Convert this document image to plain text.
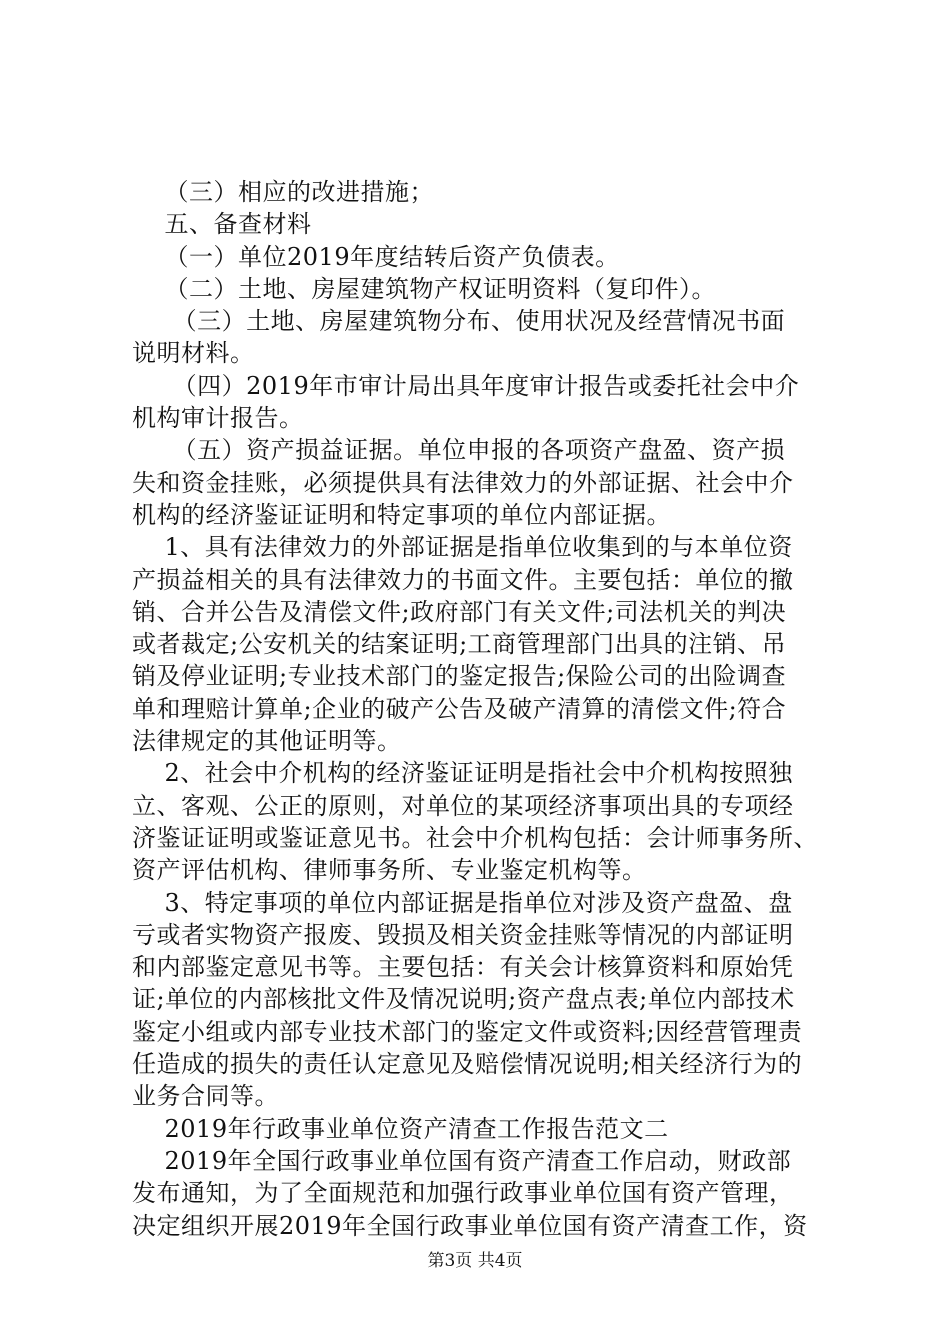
（三）相应的改进措施；
五、备查材料
（一）单位2019年度结转后资产负债表。
（二）土地、房屋建筑物产权证明资料（复印件）。
（三）土地、房屋建筑物分布、使用状况及经营情况书面
说明材料。
（四）2019年市审计局出具年度审计报告或委托社会中介
机构审计报告。
（五）资产损益证据。单位申报的各项资产盘盈、资产损
失和资金挂账，必须提供具有法律效力的外部证据、社会中介
机构的经济鉴证证明和特定事项的单位内部证据。
1、具有法律效力的外部证据是指单位收集到的与本单位资
产损益相关的具有法律效力的书面文件。主要包括：单位的撤
销、合并公告及清偿文件;政府部门有关文件;司法机关的判决
或者裁定;公安机关的结案证明;工商管理部门出具的注销、吊
销及停业证明;专业技术部门的鉴定报告;保险公司的出险调查
单和理赔计算单;企业的破产公告及破产清算的清偿文件;符合
法律规定的其他证明等。
2、社会中介机构的经济鉴证证明是指社会中介机构按照独
立、客观、公正的原则，对单位的某项经济事项出具的专项经
济鉴证证明或鉴证意见书。社会中介机构包括：会计师事务所、
资产评估机构、律师事务所、专业鉴定机构等。
3、特定事项的单位内部证据是指单位对涉及资产盘盈、盘
亏或者实物资产报废、毁损及相关资金挂账等情况的内部证明
和内部鉴定意见书等。主要包括：有关会计核算资料和原始凭
证;单位的内部核批文件及情况说明;资产盘点表;单位内部技术
鉴定小组或内部专业技术部门的鉴定文件或资料;因经营管理责
任造成的损失的责任认定意见及赔偿情况说明;相关经济行为的
业务合同等。
2019年行政事业单位资产清查工作报告范文二
2019年全国行政事业单位国有资产清查工作启动，财政部
发布通知，为了全面规范和加强行政事业单位国有资产管理，
决定组织开展2019年全国行政事业单位国有资产清查工作，资
第3页 共4页
